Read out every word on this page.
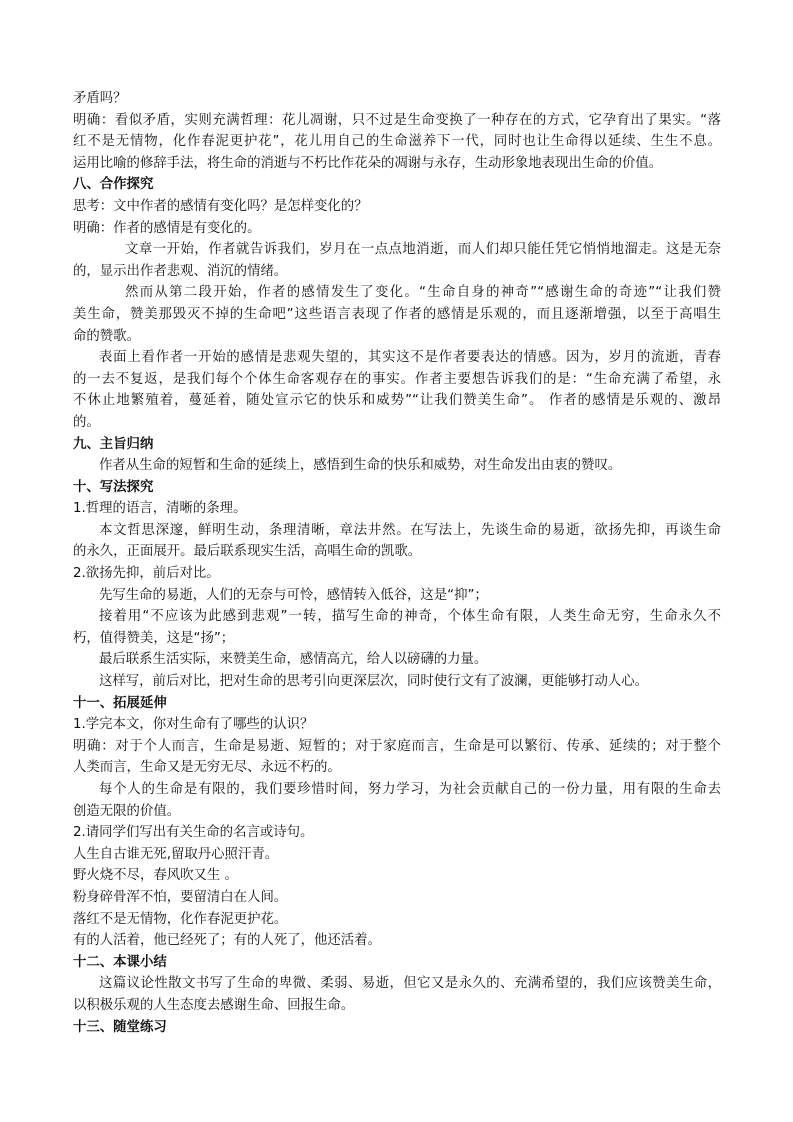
矛盾吗？
明确：看似矛盾，实则充满哲理：花儿凋谢，只不过是生命变换了一种存在的方式，它孕育出了果实。“落
红不是无情物，化作春泥更护花”，花儿用自己的生命滋养下一代，同时也让生命得以延续、生生不息。
运用比喻的修辞手法，将生命的消逝与不朽比作花朵的凋谢与永存，生动形象地表现出生命的价值。
八、合作探究
思考：文中作者的感情有变化吗？是怎样变化的？
明确：作者的感情是有变化的。
文章一开始，作者就告诉我们，岁月在一点点地消逝，而人们却只能任凭它悄悄地溜走。这是无奈
的，显示出作者悲观、消沉的情绪。
然而从第二段开始，作者的感情发生了变化。“生命自身的神奇”“感谢生命的奇迹”“让我们赞
美生命，赞美那毁灭不掉的生命吧”这些语言表现了作者的感情是乐观的，而且逐渐增强，以至于高唱生
命的赞歌。
表面上看作者一开始的感情是悲观失望的，其实这不是作者要表达的情感。因为，岁月的流逝，青春
的一去不复返，是我们每个个体生命客观存在的事实。作者主要想告诉我们的是：“生命充满了希望，永
不休止地繁殖着，蔓延着，随处宣示它的快乐和威势”“让我们赞美生命”。 作者的感情是乐观的、激昂
的。
九、主旨归纳
作者从生命的短暂和生命的延续上，感悟到生命的快乐和威势，对生命发出由衷的赞叹。
十、写法探究
1.哲理的语言，清晰的条理。
本文哲思深邃，鲜明生动，条理清晰，章法井然。在写法上，先谈生命的易逝，欲扬先抑，再谈生命
的永久，正面展开。最后联系现实生活，高唱生命的凯歌。
2.欲扬先抑，前后对比。
先写生命的易逝，人们的无奈与可怜，感情转入低谷，这是“抑”；
接着用“不应该为此感到悲观”一转，描写生命的神奇，个体生命有限，人类生命无穷，生命永久不
朽，值得赞美，这是“扬”；
最后联系生活实际，来赞美生命，感情高亢，给人以磅礴的力量。
这样写，前后对比，把对生命的思考引向更深层次，同时使行文有了波澜，更能够打动人心。
十一、拓展延伸
1.学完本文，你对生命有了哪些的认识？
明确：对于个人而言，生命是易逝、短暂的；对于家庭而言，生命是可以繁衍、传承、延续的；对于整个
人类而言，生命又是无穷无尽、永远不朽的。
每个人的生命是有限的，我们要珍惜时间，努力学习，为社会贡献自己的一份力量，用有限的生命去
创造无限的价值。
2.请同学们写出有关生命的名言或诗句。
人生自古谁无死,留取丹心照汗青。
野火烧不尽，春风吹又生 。
粉身碎骨浑不怕，要留清白在人间。
落红不是无情物，化作春泥更护花。
有的人活着，他已经死了；有的人死了，他还活着。
十二、本课小结
这篇议论性散文书写了生命的卑微、柔弱、易逝，但它又是永久的、充满希望的，我们应该赞美生命，
以积极乐观的人生态度去感谢生命、回报生命。
十三、随堂练习
